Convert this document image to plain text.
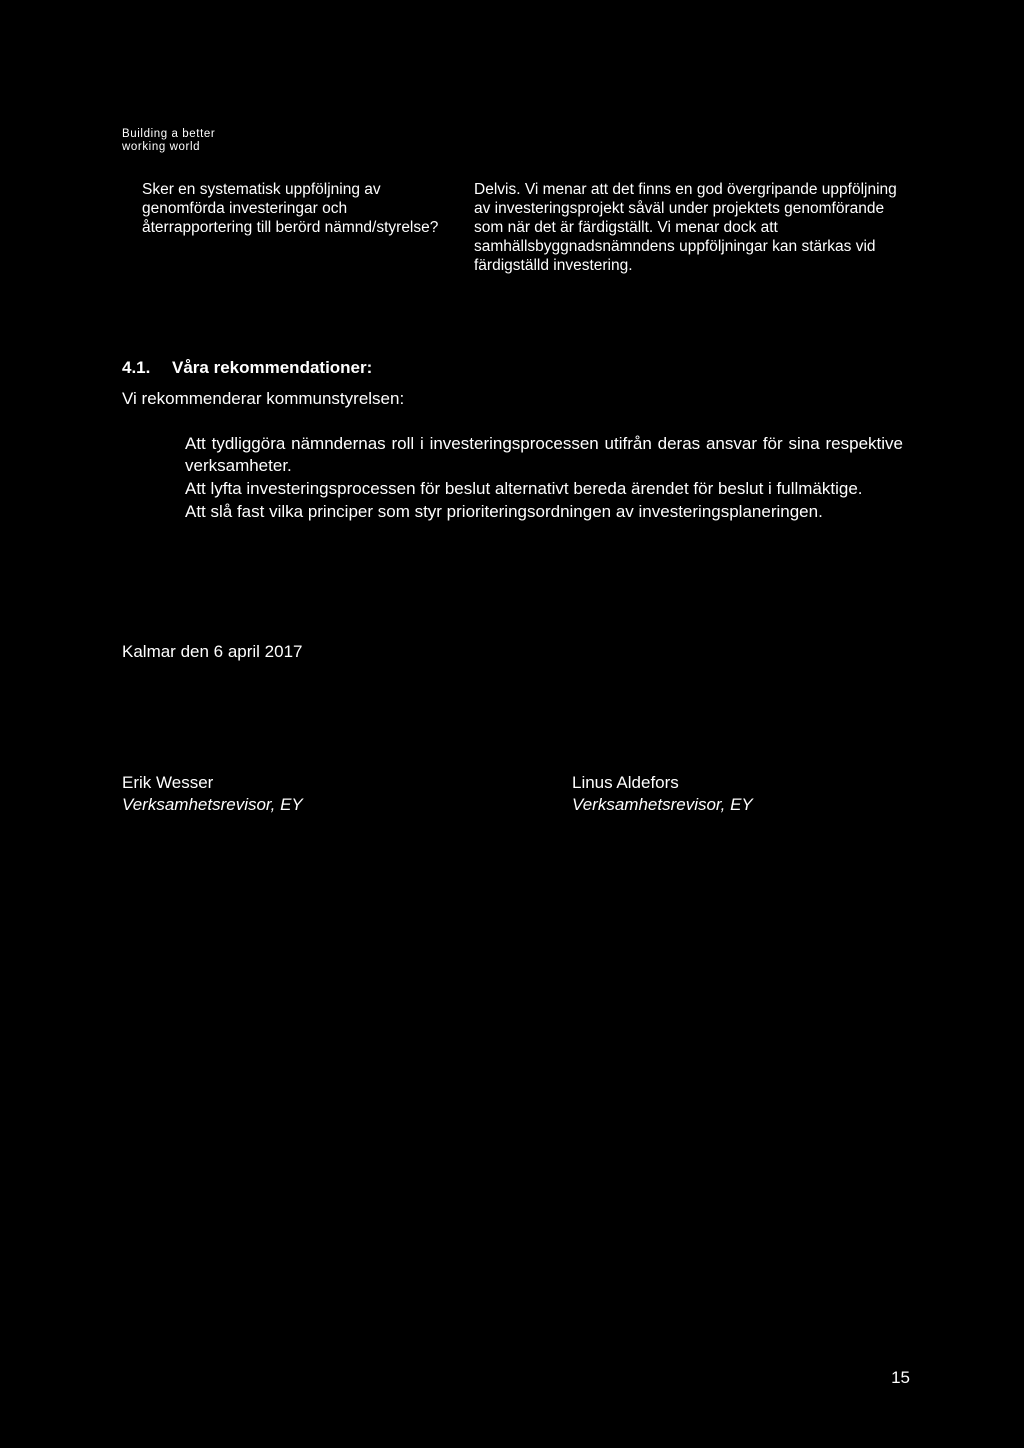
Building a better
working world
Sker en systematisk uppföljning av genomförda investeringar och återrapportering till berörd nämnd/styrelse?
Delvis. Vi menar att det finns en god övergripande uppföljning av investeringsprojekt såväl under projektets genomförande som när det är färdigställt. Vi menar dock att samhällsbyggnadsnämndens uppföljningar kan stärkas vid färdigställd investering.
4.1. Våra rekommendationer:
Vi rekommenderar kommunstyrelsen:
Att tydliggöra nämndernas roll i investeringsprocessen utifrån deras ansvar för sina respektive verksamheter.
Att lyfta investeringsprocessen för beslut alternativt bereda ärendet för beslut i fullmäktige.
Att slå fast vilka principer som styr prioriteringsordningen av investeringsplaneringen.
Kalmar den 6 april 2017
Erik Wesser
Verksamhetsrevisor, EY
Linus Aldefors
Verksamhetsrevisor, EY
15
